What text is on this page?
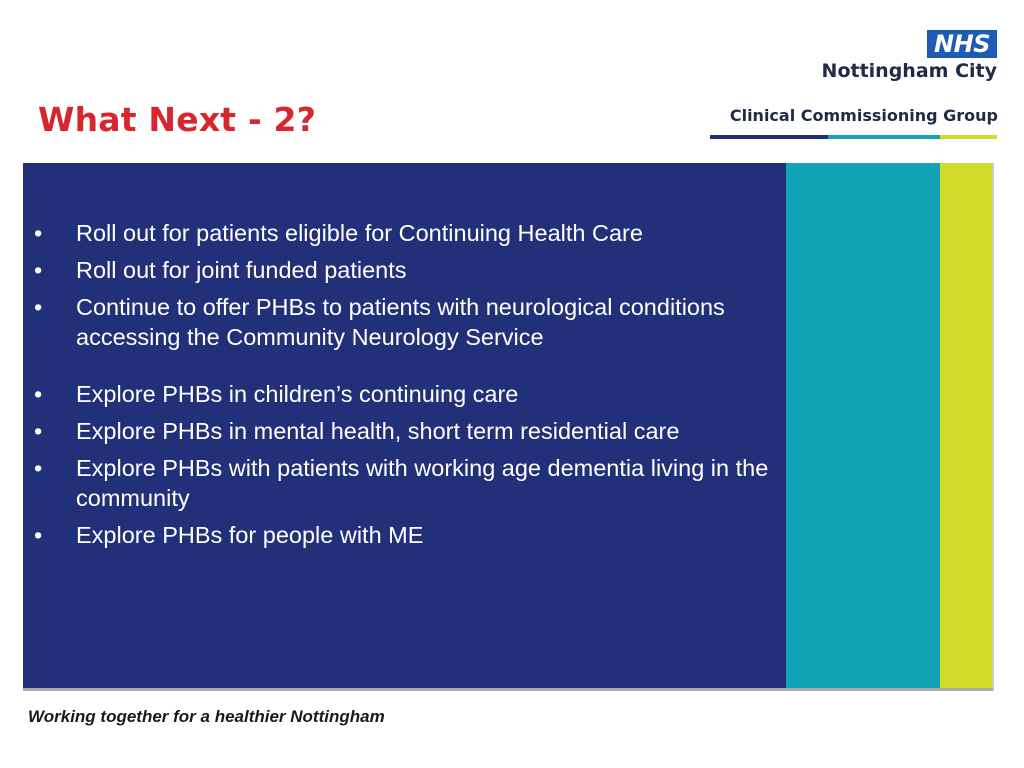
What Next - 2?
NHS
Nottingham City
Clinical Commissioning Group
• Roll out for patients eligible for Continuing Health Care
• Roll out for joint funded patients
• Continue to offer PHBs to patients with neurological conditions accessing the Community Neurology Service
• Explore PHBs in children’s continuing care
• Explore PHBs in mental health, short term residential care
• Explore PHBs with patients with working age dementia living in the community
• Explore PHBs for people with ME
Working together for a healthier Nottingham
